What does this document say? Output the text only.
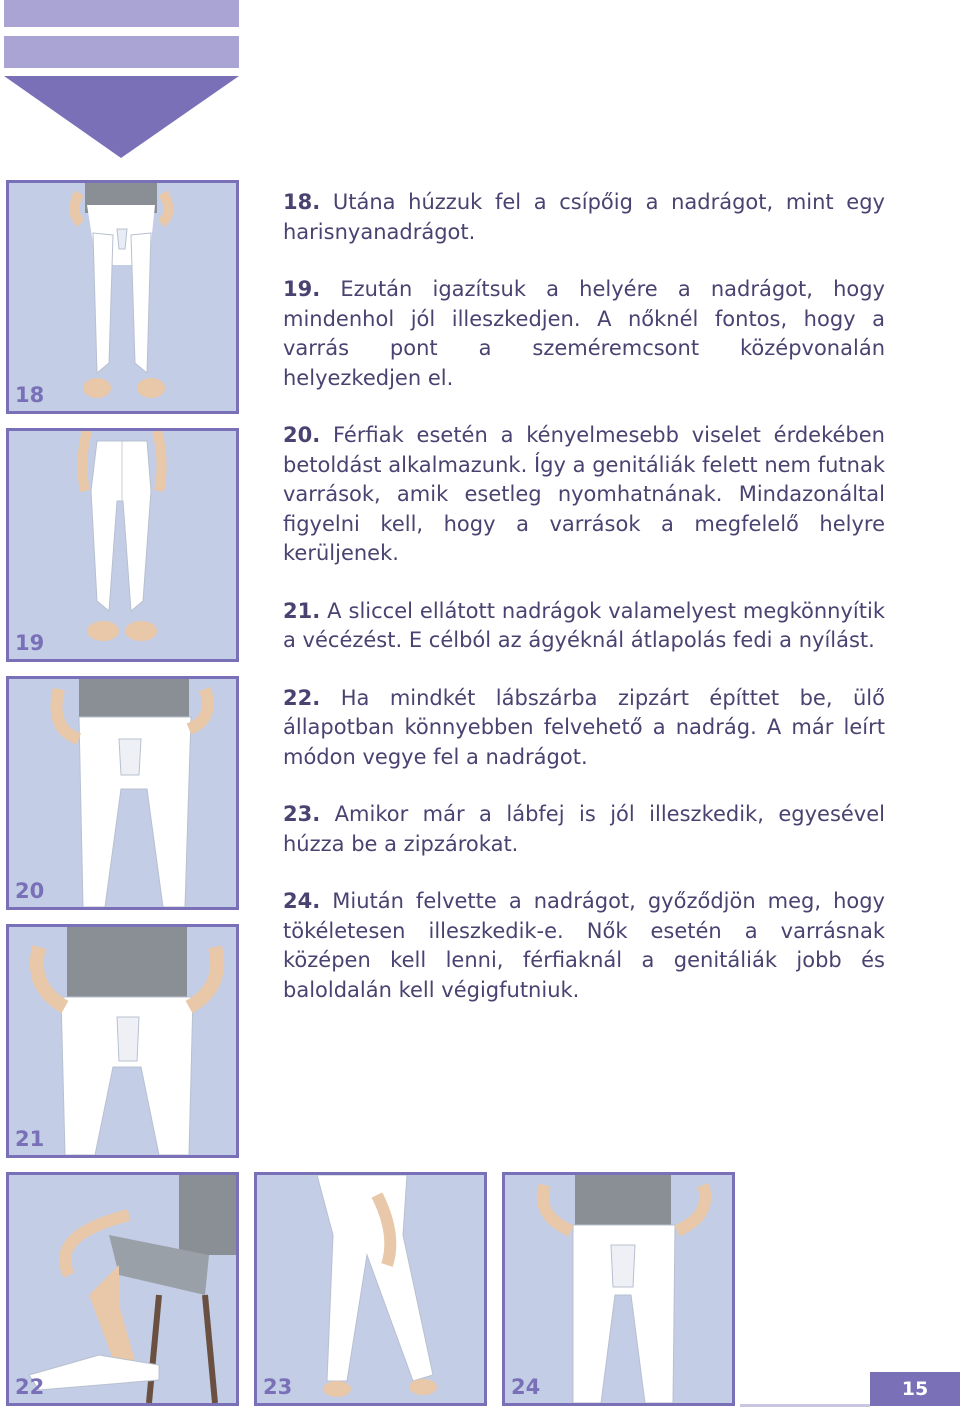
18
19
20
21
22	23	24

18. Utána húzzuk fel a csípőig a nadrágot, mint egy harisnyanadrágot.

19. Ezután igazítsuk a helyére a nadrágot, hogy mindenhol jól illeszkedjen. A nőknél fontos, hogy a varrás pont a szeméremcsont középvonalán helyezkedjen el.

20. Férfiak esetén a kényelmesebb viselet érdekében betoldást alkalmazunk. Így a genitáliák felett nem futnak varrások, amik esetleg nyomhatnának. Mindazonáltal figyelni kell, hogy a varrások a megfelelő helyre kerüljenek.

21. A sliccel ellátott nadrágok valamelyest megkönnyítik a vécézést. E célból az ágyéknál átlapolás fedi a nyílást.

22. Ha mindkét lábszárba zipzárt építtet be, ülő állapotban könnyebben felvehető a nadrág. A már leírt módon vegye fel a nadrágot.

23. Amikor már a lábfej is jól illeszkedik, egyesével húzza be a zipzárokat.

24. Miután felvette a nadrágot, győződjön meg, hogy tökéletesen illeszkedik-e. Nők esetén a varrásnak középen kell lenni, férfiaknál a genitáliák jobb és baloldalán kell végigfutniuk.

15
